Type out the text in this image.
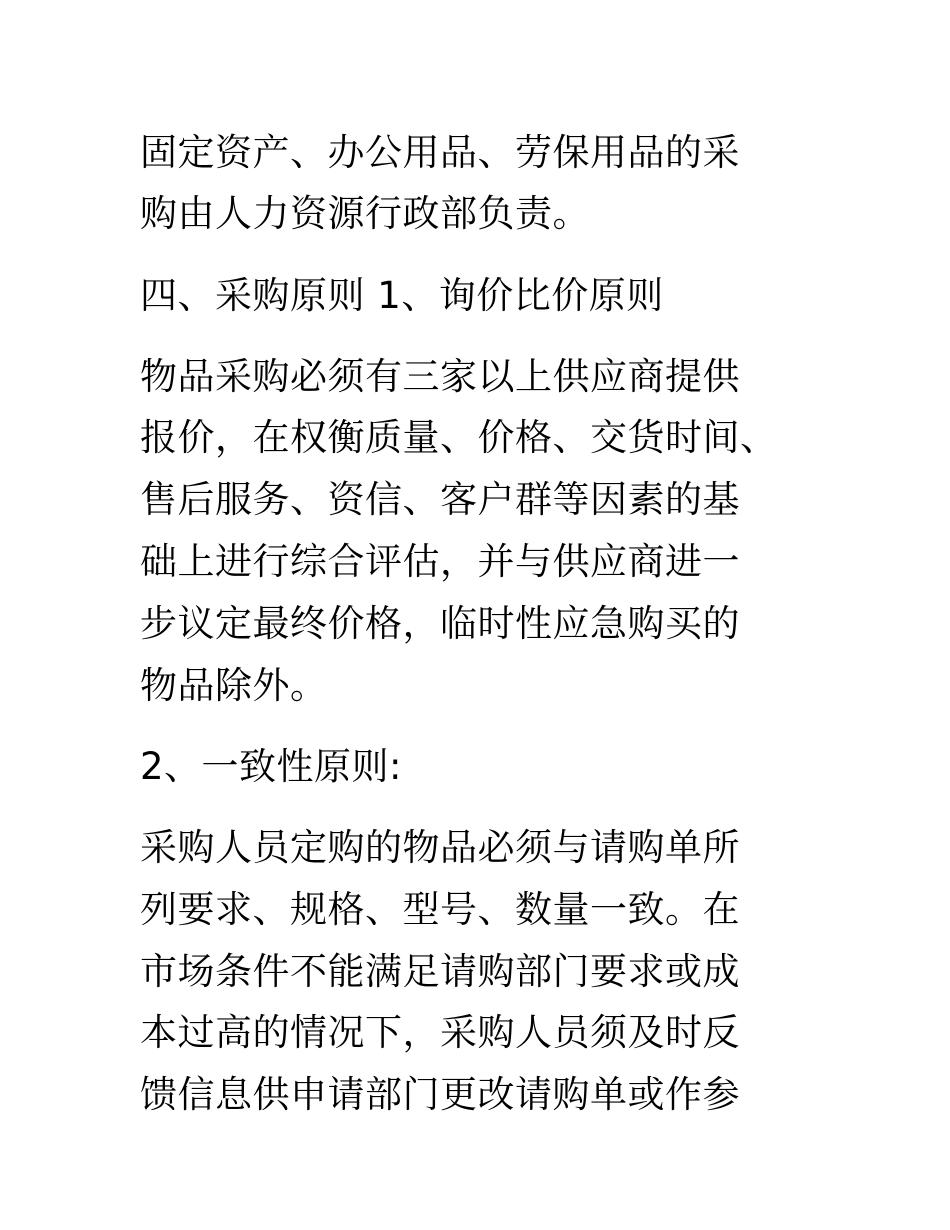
固定资产、办公用品、劳保用品的采
购由人力资源行政部负责。
四、采购原则 1、询价比价原则
物品采购必须有三家以上供应商提供
报价，在权衡质量、价格、交货时间、
售后服务、资信、客户群等因素的基
础上进行综合评估，并与供应商进一
步议定最终价格，临时性应急购买的
物品除外。
2、一致性原则:
采购人员定购的物品必须与请购单所
列要求、规格、型号、数量一致。在
市场条件不能满足请购部门要求或成
本过高的情况下，采购人员须及时反
馈信息供申请部门更改请购单或作参
